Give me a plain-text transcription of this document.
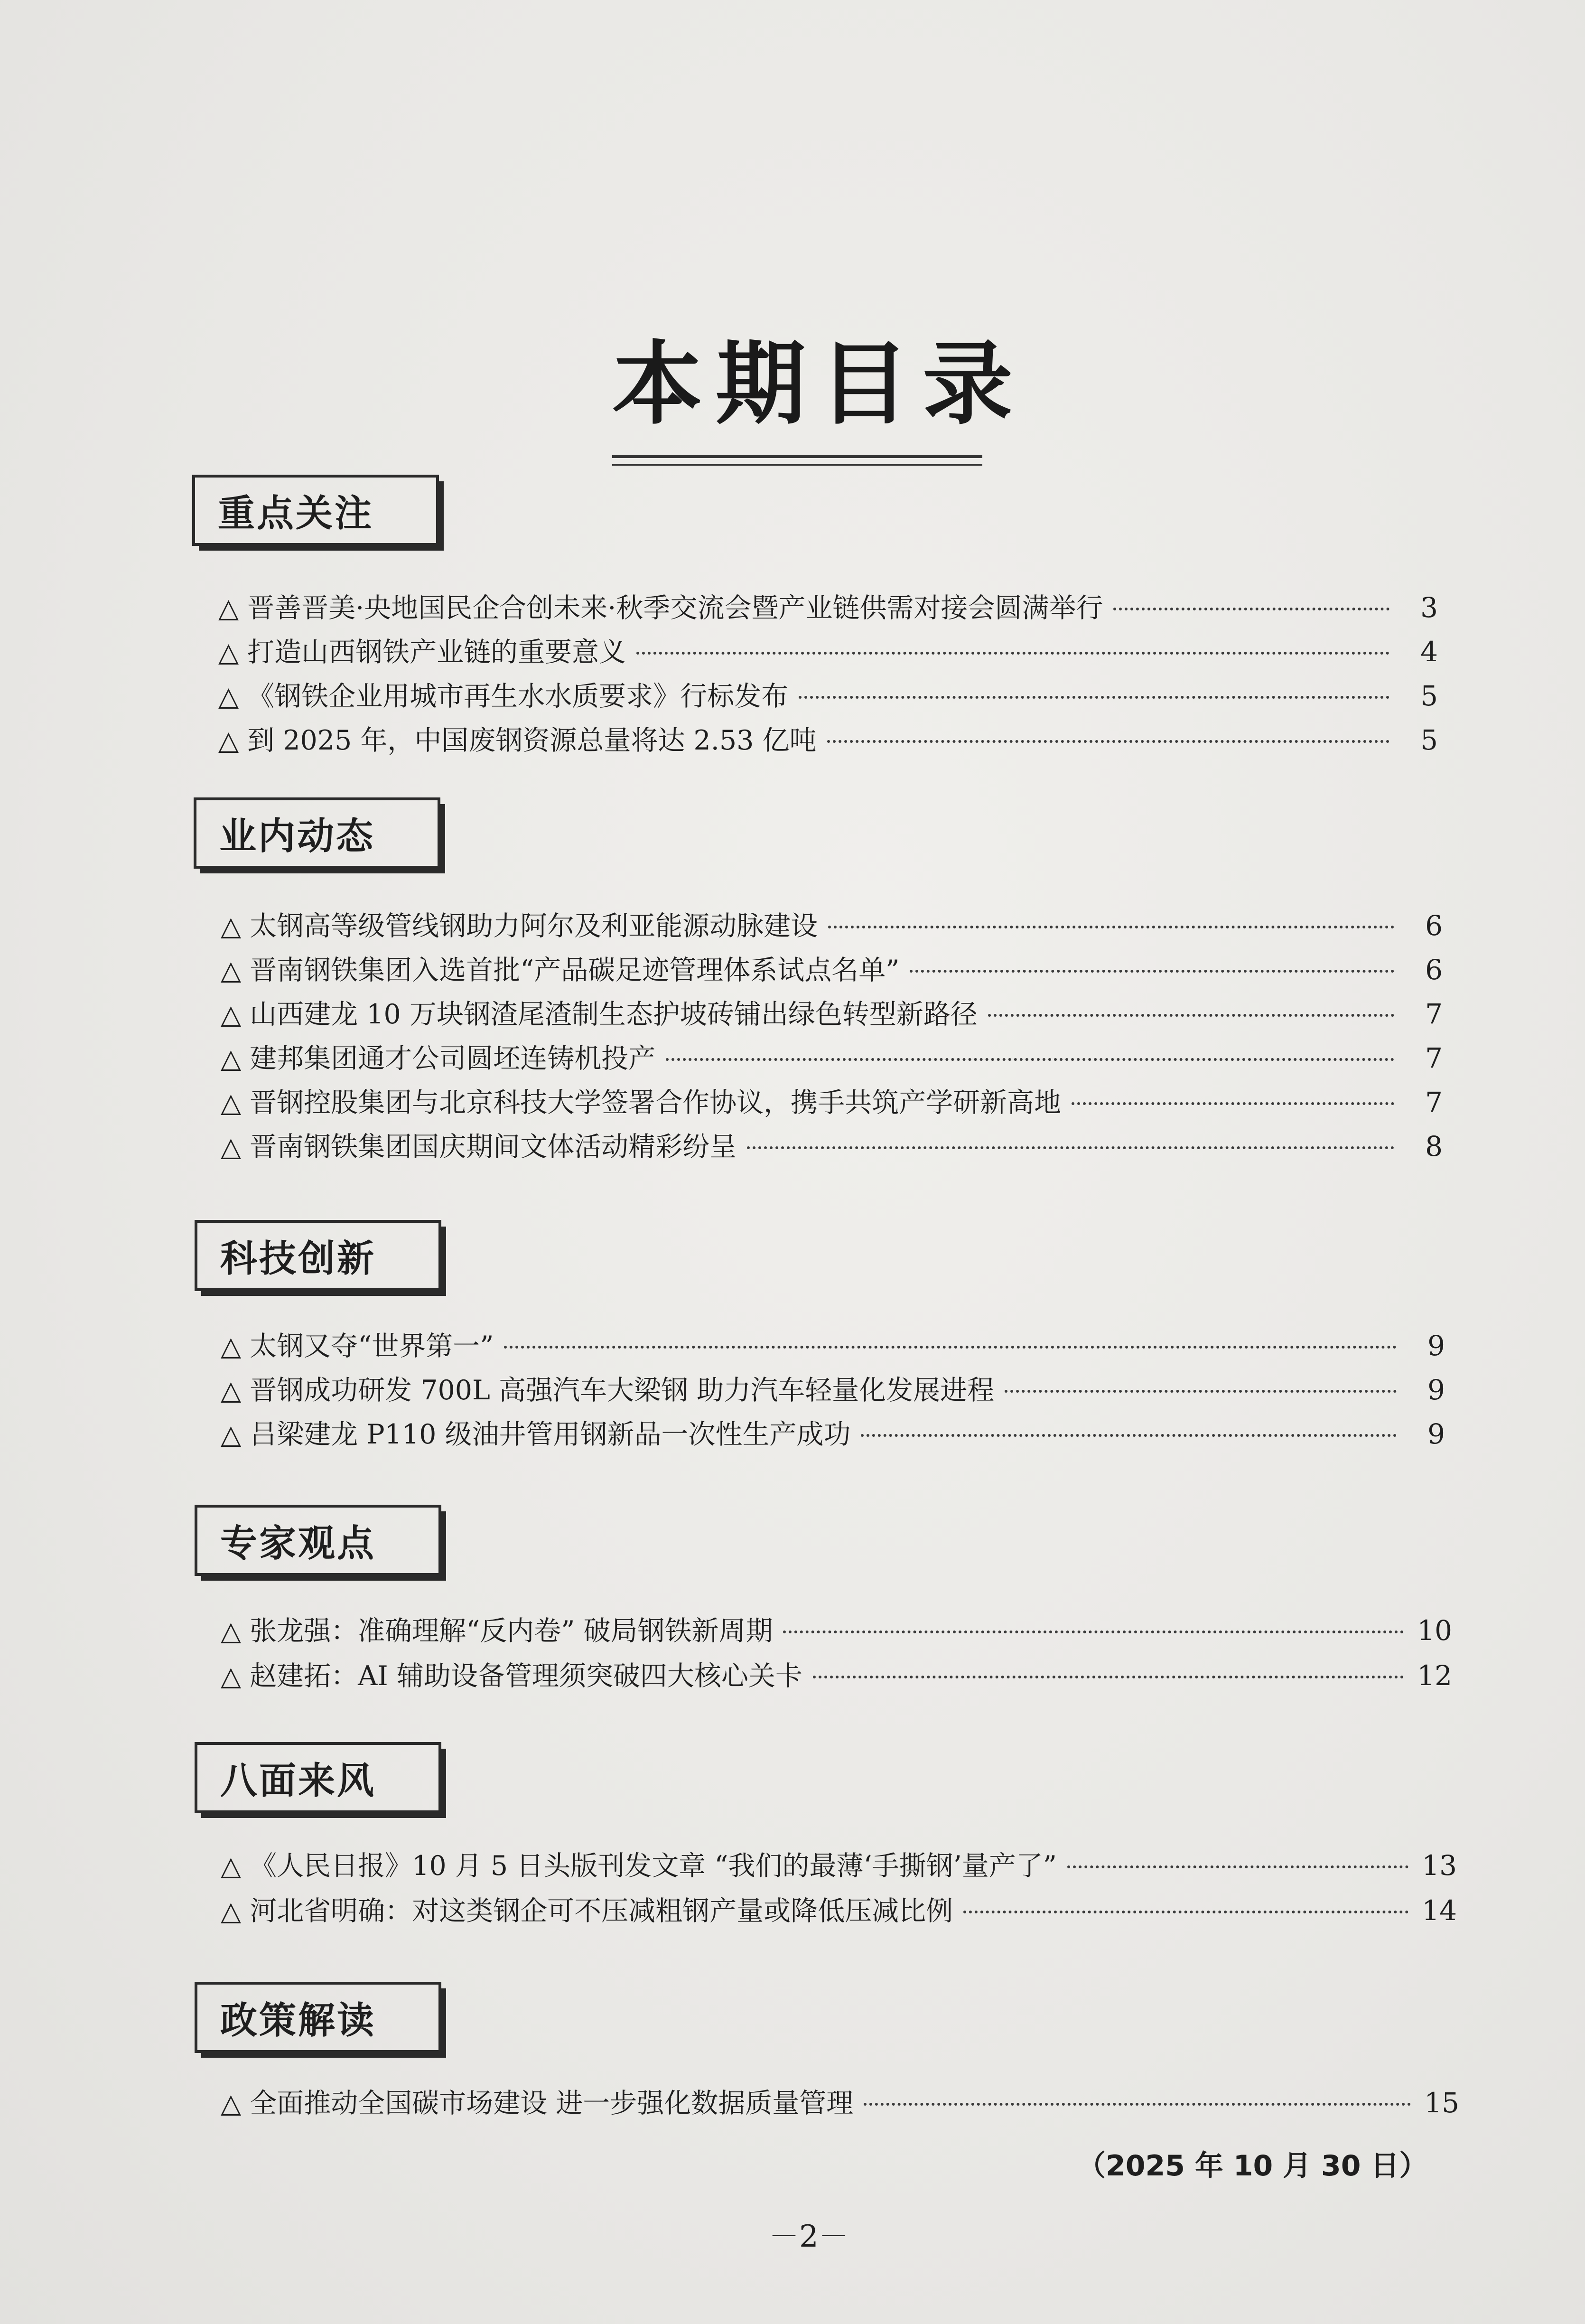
本期目录
重点关注
△ 晋善晋美·央地国民企合创未来·秋季交流会暨产业链供需对接会圆满举行	3
△ 打造山西钢铁产业链的重要意义	4
△ 《钢铁企业用城市再生水水质要求》行标发布	5
△ 到 2025 年，中国废钢资源总量将达 2.53 亿吨	5
业内动态
△ 太钢高等级管线钢助力阿尔及利亚能源动脉建设	6
△ 晋南钢铁集团入选首批“产品碳足迹管理体系试点名单”	6
△ 山西建龙 10 万块钢渣尾渣制生态护坡砖铺出绿色转型新路径	7
△ 建邦集团通才公司圆坯连铸机投产	7
△ 晋钢控股集团与北京科技大学签署合作协议，携手共筑产学研新高地	7
△ 晋南钢铁集团国庆期间文体活动精彩纷呈	8
科技创新
△ 太钢又夺“世界第一”	9
△ 晋钢成功研发 700L 高强汽车大梁钢 助力汽车轻量化发展进程	9
△ 吕梁建龙 P110 级油井管用钢新品一次性生产成功	9
专家观点
△ 张龙强：准确理解“反内卷” 破局钢铁新周期	10
△ 赵建拓：AI 辅助设备管理须突破四大核心关卡	12
八面来风
△ 《人民日报》10 月 5 日头版刊发文章 “我们的最薄‘手撕钢’量产了”	13
△ 河北省明确：对这类钢企可不压减粗钢产量或降低压减比例	14
政策解读
△ 全面推动全国碳市场建设 进一步强化数据质量管理	15
（2025 年 10 月 30 日）
－2－
